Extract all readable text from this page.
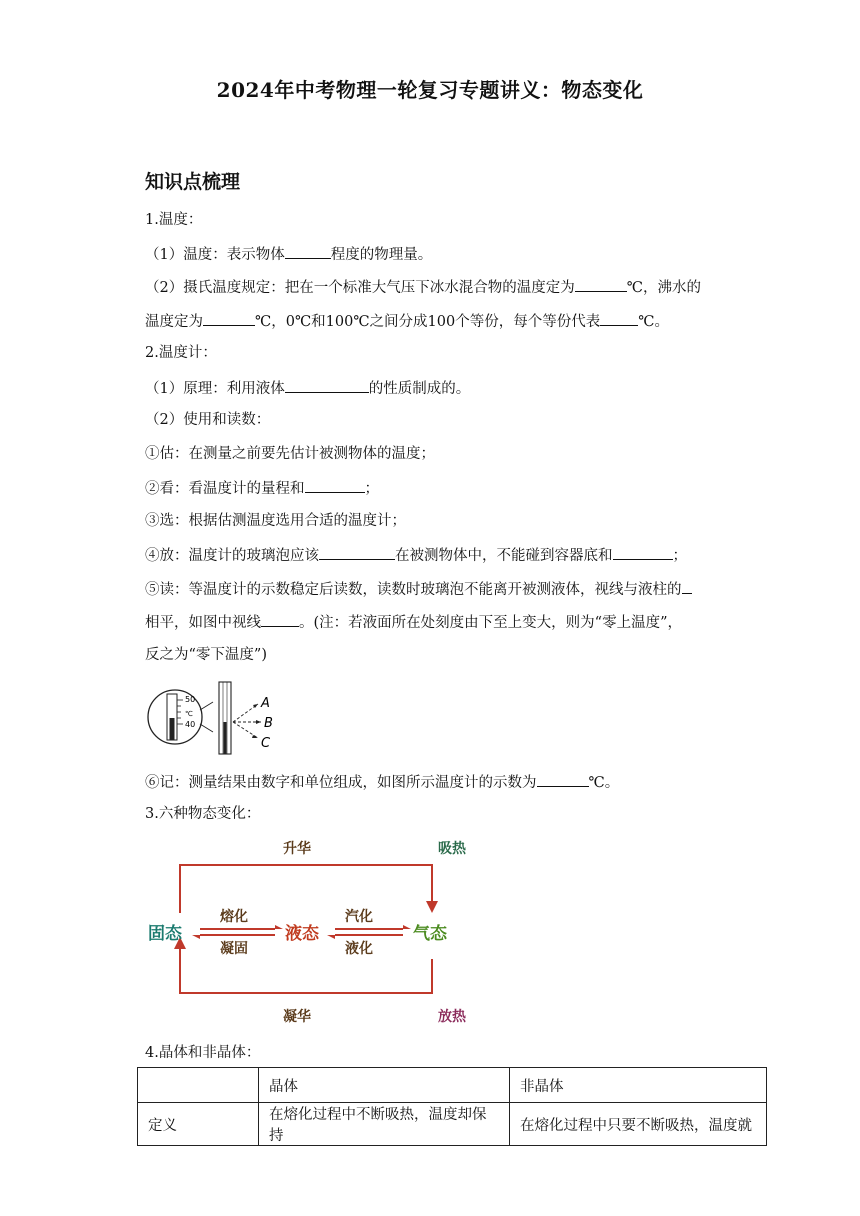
2024年中考物理一轮复习专题讲义：物态变化
知识点梳理
1.温度：
（1）温度：表示物体	程度的物理量。
（2）摄氏温度规定：把在一个标准大气压下冰水混合物的温度定为	℃，沸水的
温度定为	℃，0℃和100℃之间分成100个等份，每个等份代表	℃。
2.温度计：
（1）原理：利用液体	的性质制成的。
（2）使用和读数：
①估：在测量之前要先估计被测物体的温度；
②看：看温度计的量程和	；
③选：根据估测温度选用合适的温度计；
④放：温度计的玻璃泡应该	在被测物体中，不能碰到容器底和	；
⑤读：等温度计的示数稳定后读数，读数时玻璃泡不能离开被测液体，视线与液柱的
相平，如图中视线	。(注：若液面所在处刻度由下至上变大，则为“零上温度”，
反之为“零下温度”)
50
℃
40
A
B
C
⑥记：测量结果由数字和单位组成，如图所示温度计的示数为	℃。
3.六种物态变化：
固态	液态	气态
熔化
凝固
汽化
液化
升华
凝华
吸热
放热
4.晶体和非晶体：
	晶体	非晶体
定义	在熔化过程中不断吸热，温度却保持	在熔化过程中只要不断吸热，温度就
